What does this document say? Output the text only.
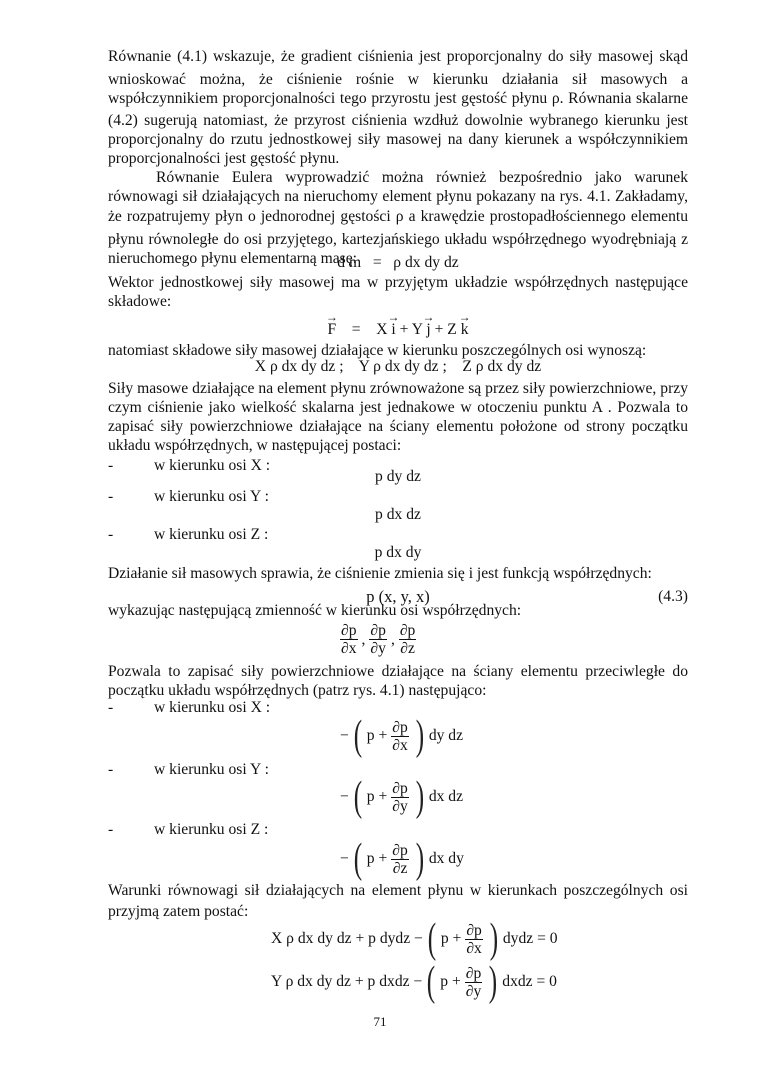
Równanie (4.1) wskazuje, że gradient ciśnienia jest proporcjonalny do siły masowej skąd
wnioskować można, że ciśnienie rośnie w kierunku działania sił masowych a
współczynnikiem proporcjonalności tego przyrostu jest gęstość płynu ρ. Równania skalarne
(4.2) sugerują natomiast, że przyrost ciśnienia wzdłuż dowolnie wybranego kierunku jest
proporcjonalny do rzutu jednostkowej siły masowej na dany kierunek a współczynnikiem
proporcjonalności jest gęstość płynu.
Równanie Eulera wyprowadzić można również bezpośrednio jako warunek
równowagi sił działających na nieruchomy element płynu pokazany na rys. 4.1. Zakładamy,
że rozpatrujemy płyn o jednorodnej gęstości ρ a krawędzie prostopadłościennego elementu
płynu równoległe do osi przyjętego, kartezjańskiego układu współrzędnego wyodrębniają z
nieruchomego płynu elementarną masę:
d m   =   ρ dx dy dz
Wektor jednostkowej siły masowej ma w przyjętym układzie współrzędnych następujące
składowe:
→ F = X → i + Y → j + Z → k
natomiast składowe siły masowej działające w kierunku poszczególnych osi wynoszą:
X ρ dx dy dz ;    Y ρ dx dy dz ;    Z ρ dx dy dz
Siły masowe działające na element płynu zrównoważone są przez siły powierzchniowe, przy
czym ciśnienie jako wielkość skalarna jest jednakowe w otoczeniu punktu A . Pozwala to
zapisać siły powierzchniowe działające na ściany elementu położone od strony początku
układu współrzędnych, w następującej postaci:
-	w kierunku osi X :
p dy dz
-	w kierunku osi Y :
p dx dz
-	w kierunku osi Z :
p dx dy
Działanie sił masowych sprawia, że ciśnienie zmienia się i jest funkcją współrzędnych:
p (x, y, x)	(4.3)
wykazując następującą zmienność w kierunku osi współrzędnych:
$\frac{\partial p}{\partial x}$ , $\frac{\partial p}{\partial y}$ , $\frac{\partial p}{\partial z}$
Pozwala to zapisać siły powierzchniowe działające na ściany elementu przeciwległe do
początku układu współrzędnych (patrz rys. 4.1) następująco:
-	w kierunku osi X :
− ( $p + \frac{\partial p}{\partial x}$ ) dy dz
-	w kierunku osi Y :
− ( $p + \frac{\partial p}{\partial y}$ ) dx dz
-	w kierunku osi Z :
− ( $p + \frac{\partial p}{\partial z}$ ) dx dy
Warunki równowagi sił działających na element płynu w kierunkach poszczególnych osi
przyjmą zatem postać:
X ρ dx dy dz + p dydz − ( $p + \frac{\partial p}{\partial x}$ ) dydz = 0
Y ρ dx dy dz + p dxdz − ( $p + \frac{\partial p}{\partial y}$ ) dxdz = 0
71
